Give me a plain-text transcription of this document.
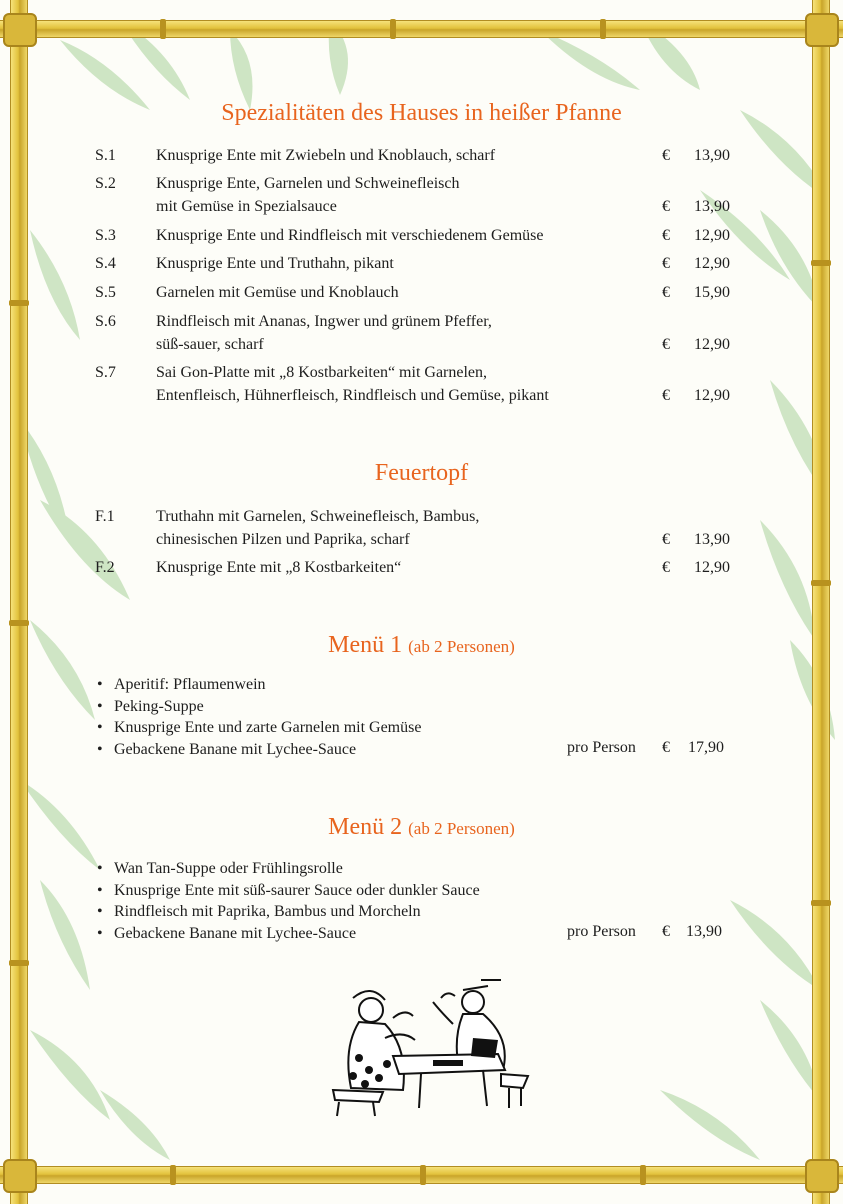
Spezialitäten des Hauses in heißer Pfanne
S.1	Knusprige Ente mit Zwiebeln und Knoblauch, scharf	€ 13,90
S.2	Knusprige Ente, Garnelen und Schweinefleisch
mit Gemüse in Spezialsauce	€ 13,90
S.3	Knusprige Ente und Rindfleisch mit verschiedenem Gemüse	€ 12,90
S.4	Knusprige Ente und Truthahn, pikant	€ 12,90
S.5	Garnelen mit Gemüse und Knoblauch	€ 15,90
S.6	Rindfleisch mit Ananas, Ingwer und grünem Pfeffer,
süß-sauer, scharf	€ 12,90
S.7	Sai Gon-Platte mit „8 Kostbarkeiten“ mit Garnelen,
Entenfleisch, Hühnerfleisch, Rindfleisch und Gemüse, pikant	€ 12,90
Feuertopf
F.1	Truthahn mit Garnelen, Schweinefleisch, Bambus,
chinesischen Pilzen und Paprika, scharf	€ 13,90
F.2	Knusprige Ente mit „8 Kostbarkeiten“	€ 12,90
Menü 1 (ab 2 Personen)
• Aperitif: Pflaumenwein
• Peking-Suppe
• Knusprige Ente und zarte Garnelen mit Gemüse
• Gebackene Banane mit Lychee-Sauce	pro Person € 17,90
Menü 2 (ab 2 Personen)
• Wan Tan-Suppe oder Frühlingsrolle
• Knusprige Ente mit süß-saurer Sauce oder dunkler Sauce
• Rindfleisch mit Paprika, Bambus und Morcheln
• Gebackene Banane mit Lychee-Sauce	pro Person € 13,90
